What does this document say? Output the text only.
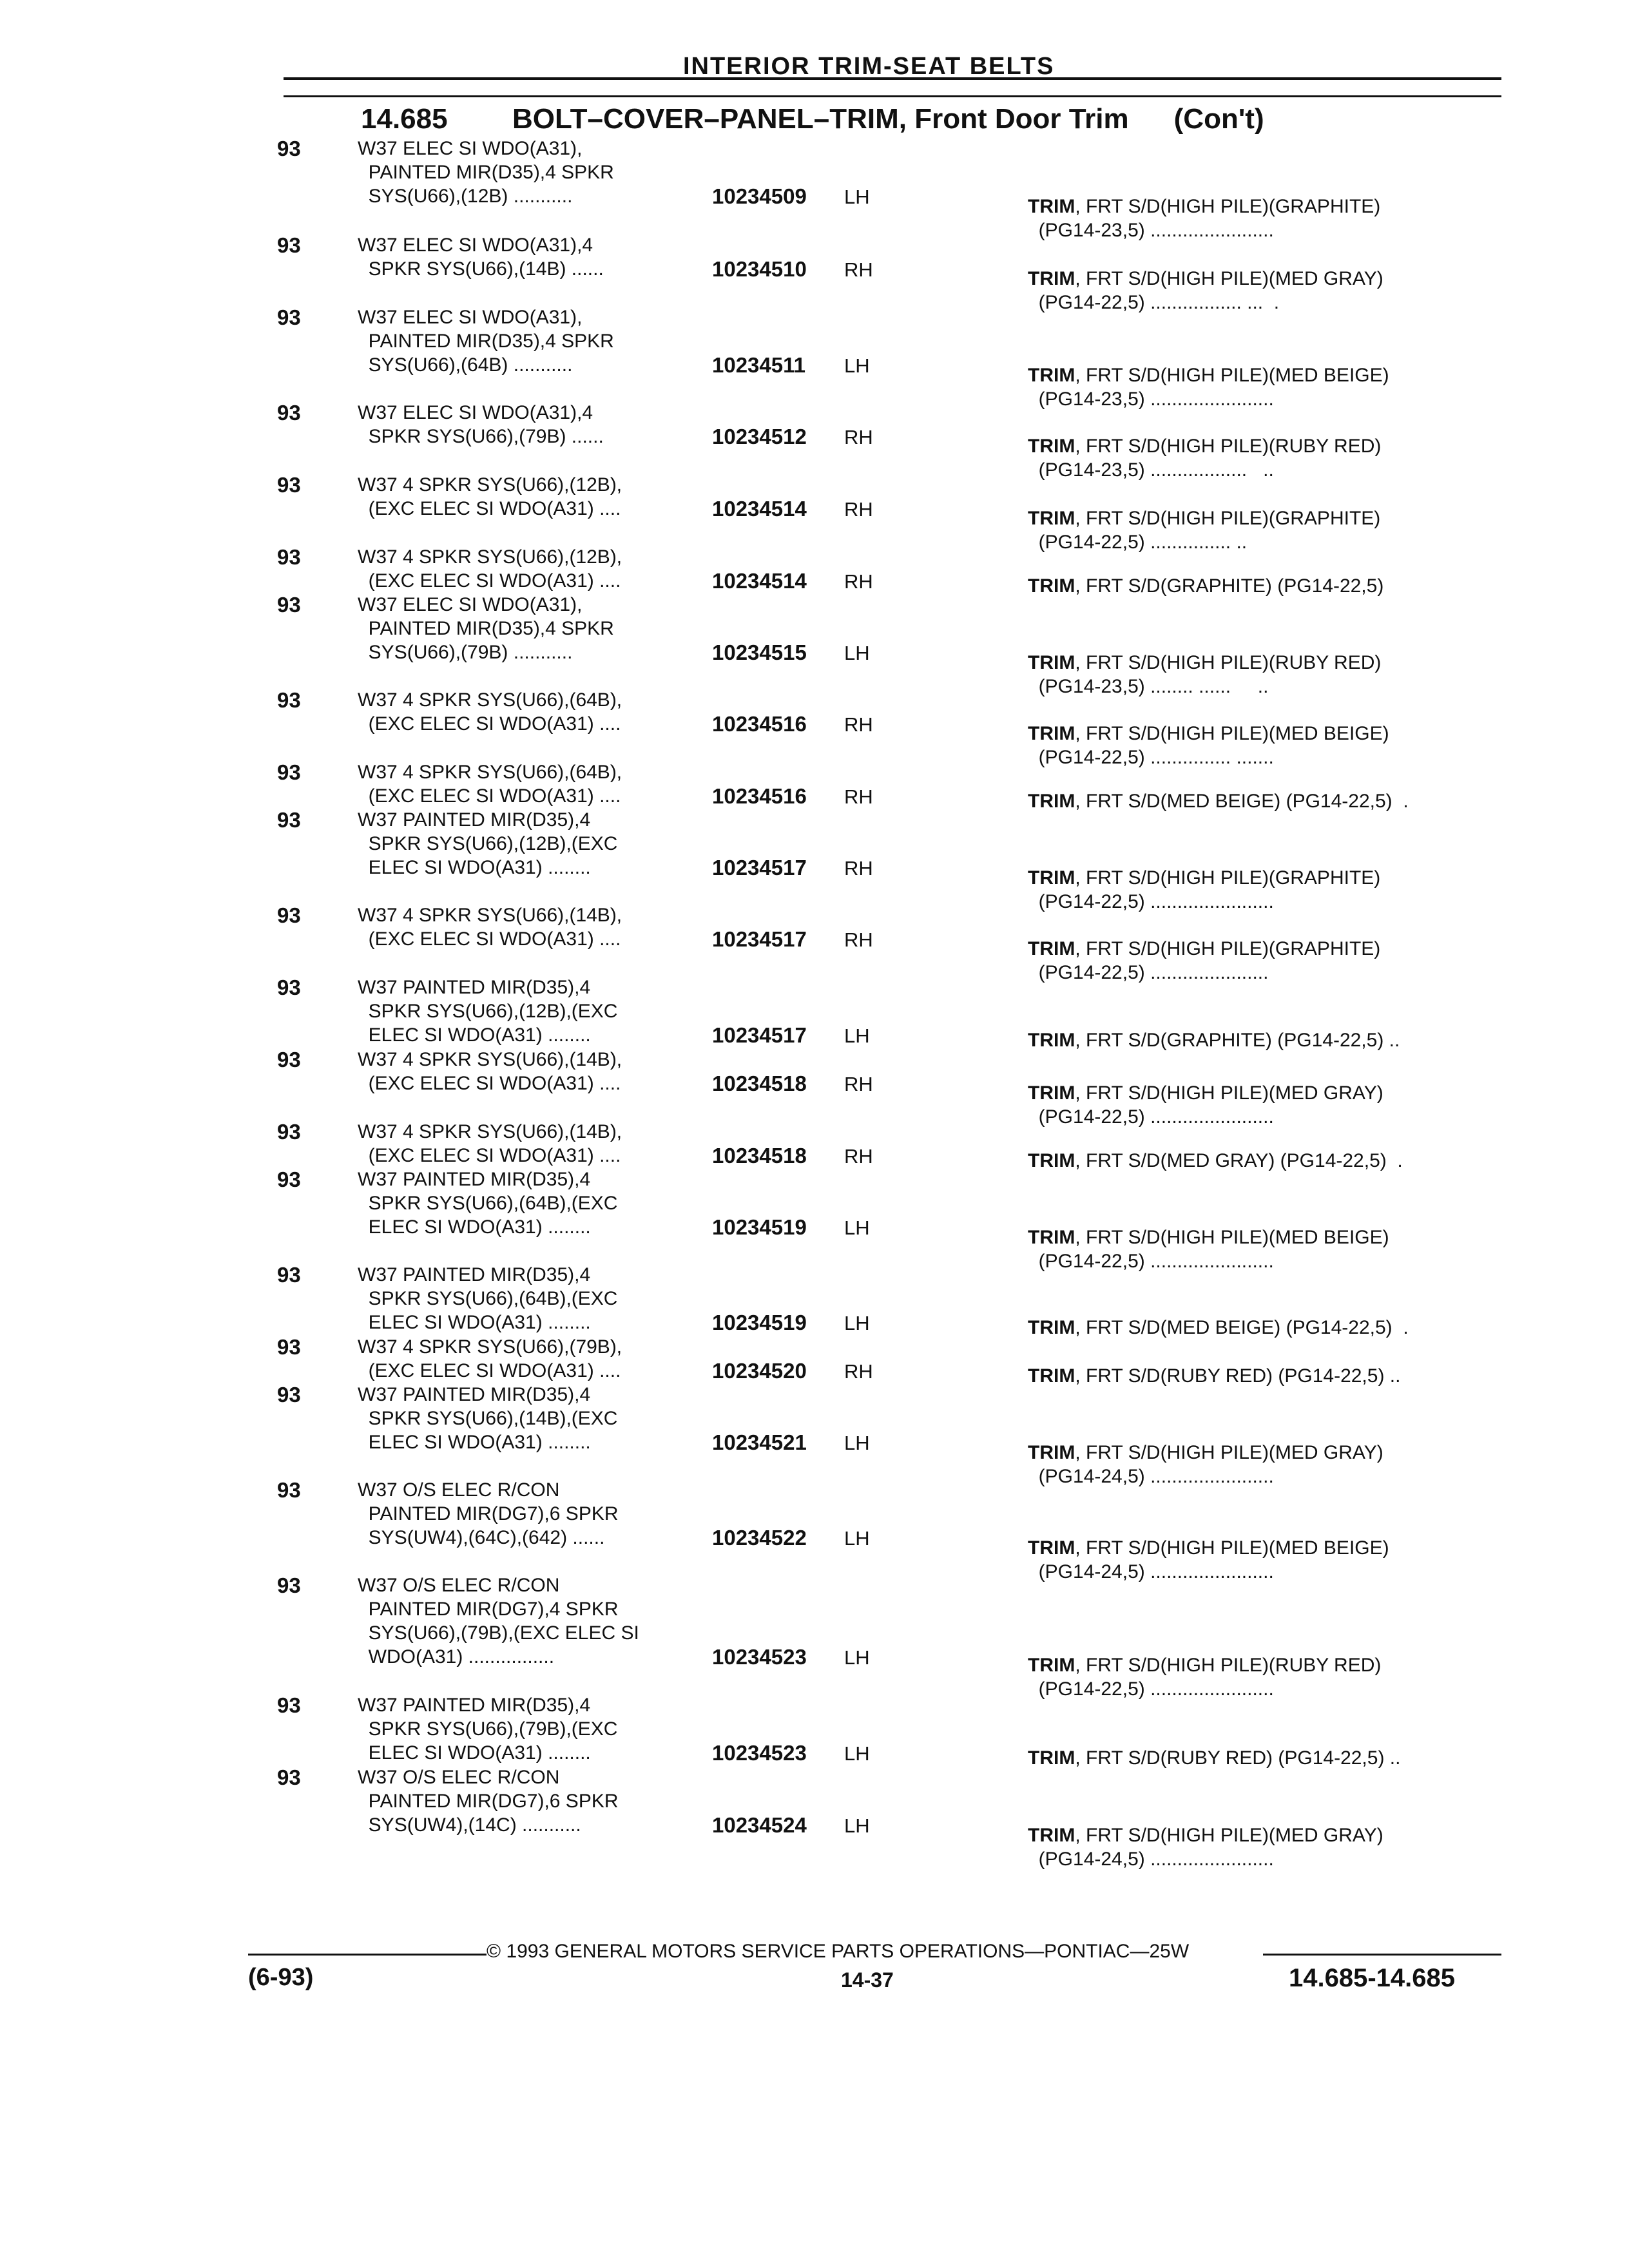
INTERIOR TRIM-SEAT BELTS
14.685 BOLT–COVER–PANEL–TRIM, Front Door Trim (Con't)
93	W37 ELEC SI WDO(A31),
PAINTED MIR(D35),4 SPKR
SYS(U66),(12B) ...........	10234509	LH	TRIM, FRT S/D(HIGH PILE)(GRAPHITE)
(PG14-23,5) .......................
93	W37 ELEC SI WDO(A31),4
SPKR SYS(U66),(14B) ......	10234510	RH	TRIM, FRT S/D(HIGH PILE)(MED GRAY)
(PG14-22,5) ................. ...  .
93	W37 ELEC SI WDO(A31),
PAINTED MIR(D35),4 SPKR
SYS(U66),(64B) ...........	10234511	LH	TRIM, FRT S/D(HIGH PILE)(MED BEIGE)
(PG14-23,5) .......................
93	W37 ELEC SI WDO(A31),4
SPKR SYS(U66),(79B) ......	10234512	RH	TRIM, FRT S/D(HIGH PILE)(RUBY RED)
(PG14-23,5) ..................   ..
93	W37 4 SPKR SYS(U66),(12B),
(EXC ELEC SI WDO(A31) ....	10234514	RH	TRIM, FRT S/D(HIGH PILE)(GRAPHITE)
(PG14-22,5) ............... ..
93	W37 4 SPKR SYS(U66),(12B),
(EXC ELEC SI WDO(A31) ....	10234514	RH	TRIM, FRT S/D(GRAPHITE) (PG14-22,5)
93	W37 ELEC SI WDO(A31),
PAINTED MIR(D35),4 SPKR
SYS(U66),(79B) ...........	10234515	LH	TRIM, FRT S/D(HIGH PILE)(RUBY RED)
(PG14-23,5) ........ ......     ..
93	W37 4 SPKR SYS(U66),(64B),
(EXC ELEC SI WDO(A31) ....	10234516	RH	TRIM, FRT S/D(HIGH PILE)(MED BEIGE)
(PG14-22,5) ............... .......
93	W37 4 SPKR SYS(U66),(64B),
(EXC ELEC SI WDO(A31) ....	10234516	RH	TRIM, FRT S/D(MED BEIGE) (PG14-22,5)  .
93	W37 PAINTED MIR(D35),4
SPKR SYS(U66),(12B),(EXC
ELEC SI WDO(A31) ........	10234517	RH	TRIM, FRT S/D(HIGH PILE)(GRAPHITE)
(PG14-22,5) .......................
93	W37 4 SPKR SYS(U66),(14B),
(EXC ELEC SI WDO(A31) ....	10234517	RH	TRIM, FRT S/D(HIGH PILE)(GRAPHITE)
(PG14-22,5) ......................
93	W37 PAINTED MIR(D35),4
SPKR SYS(U66),(12B),(EXC
ELEC SI WDO(A31) ........	10234517	LH	TRIM, FRT S/D(GRAPHITE) (PG14-22,5) ..
93	W37 4 SPKR SYS(U66),(14B),
(EXC ELEC SI WDO(A31) ....	10234518	RH	TRIM, FRT S/D(HIGH PILE)(MED GRAY)
(PG14-22,5) .......................
93	W37 4 SPKR SYS(U66),(14B),
(EXC ELEC SI WDO(A31) ....	10234518	RH	TRIM, FRT S/D(MED GRAY) (PG14-22,5)  .
93	W37 PAINTED MIR(D35),4
SPKR SYS(U66),(64B),(EXC
ELEC SI WDO(A31) ........	10234519	LH	TRIM, FRT S/D(HIGH PILE)(MED BEIGE)
(PG14-22,5) .......................
93	W37 PAINTED MIR(D35),4
SPKR SYS(U66),(64B),(EXC
ELEC SI WDO(A31) ........	10234519	LH	TRIM, FRT S/D(MED BEIGE) (PG14-22,5)  .
93	W37 4 SPKR SYS(U66),(79B),
(EXC ELEC SI WDO(A31) ....	10234520	RH	TRIM, FRT S/D(RUBY RED) (PG14-22,5) ..
93	W37 PAINTED MIR(D35),4
SPKR SYS(U66),(14B),(EXC
ELEC SI WDO(A31) ........	10234521	LH	TRIM, FRT S/D(HIGH PILE)(MED GRAY)
(PG14-24,5) .......................
93	W37 O/S ELEC R/CON
PAINTED MIR(DG7),6 SPKR
SYS(UW4),(64C),(642) ......	10234522	LH	TRIM, FRT S/D(HIGH PILE)(MED BEIGE)
(PG14-24,5) .......................
93	W37 O/S ELEC R/CON
PAINTED MIR(DG7),4 SPKR
SYS(U66),(79B),(EXC ELEC SI
WDO(A31) ................	10234523	LH	TRIM, FRT S/D(HIGH PILE)(RUBY RED)
(PG14-22,5) .......................
93	W37 PAINTED MIR(D35),4
SPKR SYS(U66),(79B),(EXC
ELEC SI WDO(A31) ........	10234523	LH	TRIM, FRT S/D(RUBY RED) (PG14-22,5) ..
93	W37 O/S ELEC R/CON
PAINTED MIR(DG7),6 SPKR
SYS(UW4),(14C) ...........	10234524	LH	TRIM, FRT S/D(HIGH PILE)(MED GRAY)
(PG14-24,5) .......................
© 1993 GENERAL MOTORS SERVICE PARTS OPERATIONS—PONTIAC—25W
(6-93)	14-37	14.685-14.685
